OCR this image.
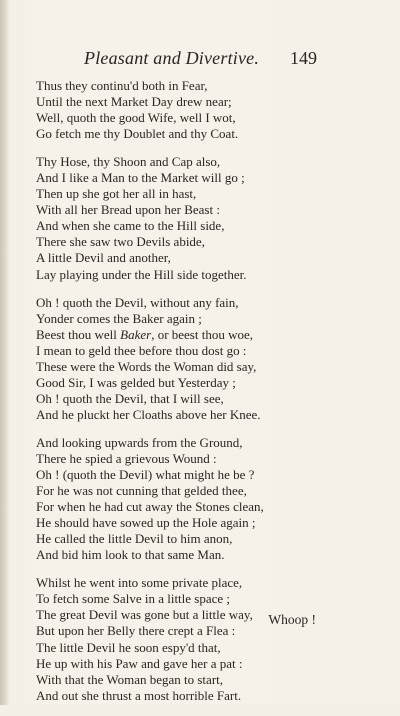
Pleasant and Divertive. 149
Thus they continu'd both in Fear,
Until the next Market Day drew near;
Well, quoth the good Wife, well I wot,
Go fetch me thy Doublet and thy Coat.
Thy Hose, thy Shoon and Cap also,
And I like a Man to the Market will go ;
Then up she got her all in hast,
With all her Bread upon her Beast :
And when she came to the Hill side,
There she saw two Devils abide,
A little Devil and another,
Lay playing under the Hill side together.
Oh ! quoth the Devil, without any fain,
Yonder comes the Baker again ;
Beest thou well Baker, or beest thou woe,
I mean to geld thee before thou dost go :
These were the Words the Woman did say,
Good Sir, I was gelded but Yesterday ;
Oh ! quoth the Devil, that I will see,
And he pluckt her Cloaths above her Knee.
And looking upwards from the Ground,
There he spied a grievous Wound :
Oh ! (quoth the Devil) what might he be ?
For he was not cunning that gelded thee,
For when he had cut away the Stones clean,
He should have sowed up the Hole again ;
He called the little Devil to him anon,
And bid him look to that same Man.
Whilst he went into some private place,
To fetch some Salve in a little space ;
The great Devil was gone but a little way,
But upon her Belly there crept a Flea :
The little Devil he soon espy'd that,
He up with his Paw and gave her a pat :
With that the Woman began to start,
And out she thrust a most horrible Fart.
Whoop !
